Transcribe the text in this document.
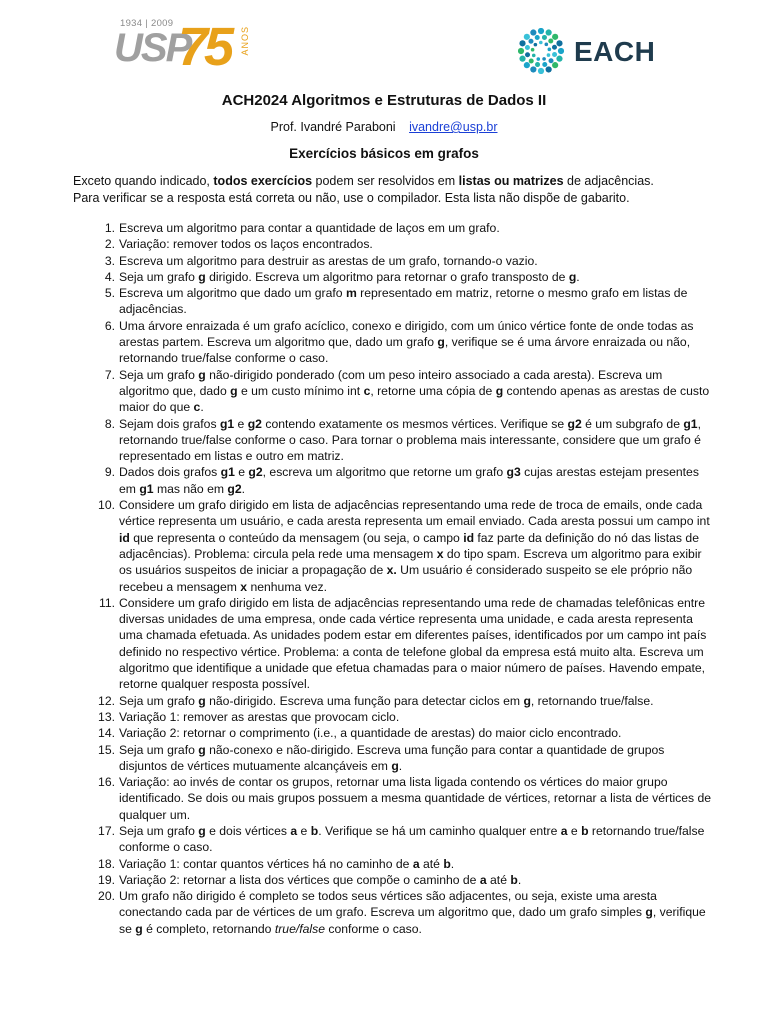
1934 | 2009
USP
75 ANOS	EACH
ACH2024 Algoritmos e Estruturas de Dados II
Prof. Ivandré Paraboni ivandre@usp.br
Exercícios básicos em grafos
Exceto quando indicado, todos exercícios podem ser resolvidos em listas ou matrizes de adjacências.
Para verificar se a resposta está correta ou não, use o compilador. Esta lista não dispõe de gabarito.
1. Escreva um algoritmo para contar a quantidade de laços em um grafo.
2. Variação: remover todos os laços encontrados.
3. Escreva um algoritmo para destruir as arestas de um grafo, tornando-o vazio.
4. Seja um grafo g dirigido. Escreva um algoritmo para retornar o grafo transposto de g.
5. Escreva um algoritmo que dado um grafo m representado em matriz, retorne o mesmo grafo em listas de adjacências.
6. Uma árvore enraizada é um grafo acíclico, conexo e dirigido, com um único vértice fonte de onde todas as arestas partem. Escreva um algoritmo que, dado um grafo g, verifique se é uma árvore enraizada ou não, retornando true/false conforme o caso.
7. Seja um grafo g não-dirigido ponderado (com um peso inteiro associado a cada aresta). Escreva um algoritmo que, dado g e um custo mínimo int c, retorne uma cópia de g contendo apenas as arestas de custo maior do que c.
8. Sejam dois grafos g1 e g2 contendo exatamente os mesmos vértices. Verifique se g2 é um subgrafo de g1, retornando true/false conforme o caso. Para tornar o problema mais interessante, considere que um grafo é representado em listas e outro em matriz.
9. Dados dois grafos g1 e g2, escreva um algoritmo que retorne um grafo g3 cujas arestas estejam presentes em g1 mas não em g2.
10. Considere um grafo dirigido em lista de adjacências representando uma rede de troca de emails, onde cada vértice representa um usuário, e cada aresta representa um email enviado. Cada aresta possui um campo int id que representa o conteúdo da mensagem (ou seja, o campo id faz parte da definição do nó das listas de adjacências). Problema: circula pela rede uma mensagem x do tipo spam. Escreva um algoritmo para exibir os usuários suspeitos de iniciar a propagação de x. Um usuário é considerado suspeito se ele próprio não recebeu a mensagem x nenhuma vez.
11. Considere um grafo dirigido em lista de adjacências representando uma rede de chamadas telefônicas entre diversas unidades de uma empresa, onde cada vértice representa uma unidade, e cada aresta representa uma chamada efetuada. As unidades podem estar em diferentes países, identificados por um campo int país definido no respectivo vértice. Problema: a conta de telefone global da empresa está muito alta. Escreva um algoritmo que identifique a unidade que efetua chamadas para o maior número de países. Havendo empate, retorne qualquer resposta possível.
12. Seja um grafo g não-dirigido. Escreva uma função para detectar ciclos em g, retornando true/false.
13. Variação 1: remover as arestas que provocam ciclo.
14. Variação 2: retornar o comprimento (i.e., a quantidade de arestas) do maior ciclo encontrado.
15. Seja um grafo g não-conexo e não-dirigido. Escreva uma função para contar a quantidade de grupos disjuntos de vértices mutuamente alcançáveis em g.
16. Variação: ao invés de contar os grupos, retornar uma lista ligada contendo os vértices do maior grupo identificado. Se dois ou mais grupos possuem a mesma quantidade de vértices, retornar a lista de vértices de qualquer um.
17. Seja um grafo g e dois vértices a e b. Verifique se há um caminho qualquer entre a e b retornando true/false conforme o caso.
18. Variação 1: contar quantos vértices há no caminho de a até b.
19. Variação 2: retornar a lista dos vértices que compõe o caminho de a até b.
20. Um grafo não dirigido é completo se todos seus vértices são adjacentes, ou seja, existe uma aresta conectando cada par de vértices de um grafo. Escreva um algoritmo que, dado um grafo simples g, verifique se g é completo, retornando true/false conforme o caso.
